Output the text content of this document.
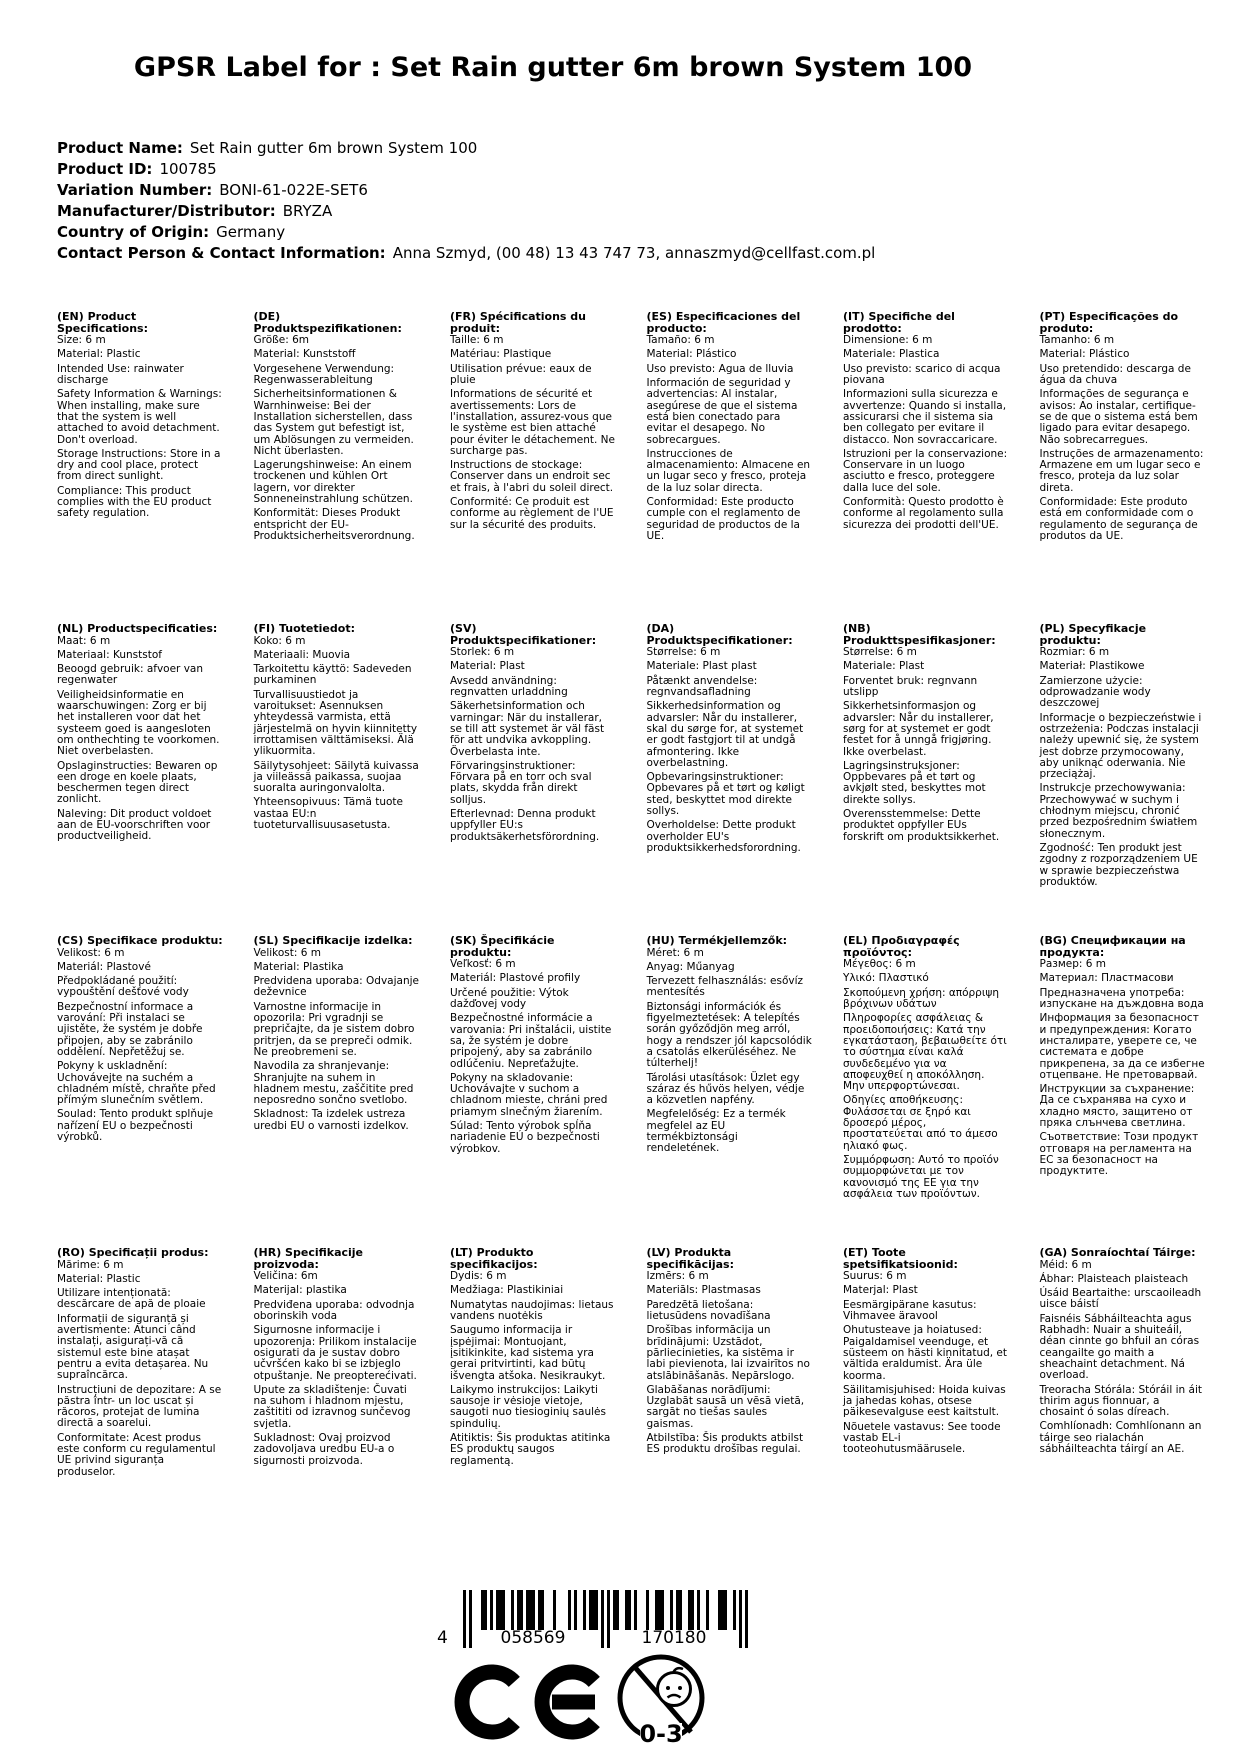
GPSR Label for : Set Rain gutter 6m brown System 100
Product Name: Set Rain gutter 6m brown System 100
Product ID: 100785
Variation Number: BONI-61-022E-SET6
Manufacturer/Distributor: BRYZA
Country of Origin: Germany
Contact Person & Contact Information: Anna Szmyd, (00 48) 13 43 747 73, annaszmyd@cellfast.com.pl
(EN) Product Specifications:

Size: 6 m

Material: Plastic

Intended Use: rainwater discharge

Safety Information & Warnings: When installing, make sure that the system is well attached to avoid detachment. Don't overload.

Storage Instructions: Store in a dry and cool place, protect from direct sunlight.

Compliance: This product complies with the EU product safety regulation.

(DE) Produktspezifikationen:

Größe: 6m

Material: Kunststoff

Vorgesehene Verwendung: Regenwasserableitung

Sicherheitsinformationen & Warnhinweise: Bei der Installation sicherstellen, dass das System gut befestigt ist, um Ablösungen zu vermeiden. Nicht überlasten.

Lagerungshinweise: An einem trockenen und kühlen Ort lagern, vor direkter Sonneneinstrahlung schützen.

Konformität: Dieses Produkt entspricht der EU-Produktsicherheitsverordnung.

(FR) Spécifications du produit:

Taille: 6 m

Matériau: Plastique

Utilisation prévue: eaux de pluie

Informations de sécurité et avertissements: Lors de l'installation, assurez-vous que le système est bien attaché pour éviter le détachement. Ne surcharge pas.

Instructions de stockage: Conserver dans un endroit sec et frais, à l'abri du soleil direct.

Conformité: Ce produit est conforme au règlement de l'UE sur la sécurité des produits.

(ES) Especificaciones del producto:

Tamaño: 6 m

Material: Plástico

Uso previsto: Agua de lluvia

Información de seguridad y advertencias: Al instalar, asegúrese de que el sistema está bien conectado para evitar el desapego. No sobrecargues.

Instrucciones de almacenamiento: Almacene en un lugar seco y fresco, proteja de la luz solar directa.

Conformidad: Este producto cumple con el reglamento de seguridad de productos de la UE.

(IT) Specifiche del prodotto:

Dimensione: 6 m

Materiale: Plastica

Uso previsto: scarico di acqua piovana

Informazioni sulla sicurezza e avvertenze: Quando si installa, assicurarsi che il sistema sia ben collegato per evitare il distacco. Non sovraccaricare.

Istruzioni per la conservazione: Conservare in un luogo asciutto e fresco, proteggere dalla luce del sole.

Conformità: Questo prodotto è conforme al regolamento sulla sicurezza dei prodotti dell'UE.

(PT) Especificações do produto:

Tamanho: 6 m

Material: Plástico

Uso pretendido: descarga de água da chuva

Informações de segurança e avisos: Ao instalar, certifique-se de que o sistema está bem ligado para evitar desapego. Não sobrecarregues.

Instruções de armazenamento: Armazene em um lugar seco e fresco, proteja da luz solar direta.

Conformidade: Este produto está em conformidade com o regulamento de segurança de produtos da UE.

(NL) Productspecificaties:

Maat: 6 m

Materiaal: Kunststof

Beoogd gebruik: afvoer van regenwater

Veiligheidsinformatie en waarschuwingen: Zorg er bij het installeren voor dat het systeem goed is aangesloten om onthechting te voorkomen. Niet overbelasten.

Opslaginstructies: Bewaren op een droge en koele plaats, beschermen tegen direct zonlicht.

Naleving: Dit product voldoet aan de EU-voorschriften voor productveiligheid.

(FI) Tuotetiedot:

Koko: 6 m

Materiaali: Muovia

Tarkoitettu käyttö: Sadeveden purkaminen

Turvallisuustiedot ja varoitukset: Asennuksen yhteydessä varmista, että järjestelmä on hyvin kiinnitetty irrottamisen välttämiseksi. Älä ylikuormita.

Säilytysohjeet: Säilytä kuivassa ja viileässä paikassa, suojaa suoralta auringonvalolta.

Yhteensopivuus: Tämä tuote vastaa EU:n tuoteturvallisuusasetusta.

(SV) Produktspecifikationer:

Storlek: 6 m

Material: Plast

Avsedd användning: regnvatten urladdning

Säkerhetsinformation och varningar: När du installerar, se till att systemet är väl fäst för att undvika avkoppling. Överbelasta inte.

Förvaringsinstruktioner: Förvara på en torr och sval plats, skydda från direkt solljus.

Efterlevnad: Denna produkt uppfyller EU:s produktsäkerhetsförordning.

(DA) Produktspecifikationer:

Størrelse: 6 m

Materiale: Plast plast

Påtænkt anvendelse: regnvandsafladning

Sikkerhedsinformation og advarsler: Når du installerer, skal du sørge for, at systemet er godt fastgjort til at undgå afmontering. Ikke overbelastning.

Opbevaringsinstruktioner: Opbevares på et tørt og køligt sted, beskyttet mod direkte sollys.

Overholdelse: Dette produkt overholder EU's produktsikkerhedsforordning.

(NB) Produkttspesifikasjoner:

Størrelse: 6 m

Materiale: Plast

Forventet bruk: regnvann utslipp

Sikkerhetsinformasjon og advarsler: Når du installerer, sørg for at systemet er godt festet for å unngå frigjøring. Ikke overbelast.

Lagringsinstruksjoner: Oppbevares på et tørt og avkjølt sted, beskyttes mot direkte sollys.

Overensstemmelse: Dette produktet oppfyller EUs forskrift om produktsikkerhet.

(PL) Specyfikacje produktu:

Rozmiar: 6 m

Materiał: Plastikowe

Zamierzone użycie: odprowadzanie wody deszczowej

Informacje o bezpieczeństwie i ostrzeżenia: Podczas instalacji należy upewnić się, że system jest dobrze przymocowany, aby uniknąć oderwania. Nie przeciążaj.

Instrukcje przechowywania: Przechowywać w suchym i chłodnym miejscu, chronić przed bezpośrednim światłem słonecznym.

Zgodność: Ten produkt jest zgodny z rozporządzeniem UE w sprawie bezpieczeństwa produktów.

(CS) Specifikace produktu:

Velikost: 6 m

Materiál: Plastové

Předpokládané použití: vypouštění dešťové vody

Bezpečnostní informace a varování: Při instalaci se ujistěte, že systém je dobře připojen, aby se zabránilo oddělení. Nepřetěžuj se.

Pokyny k uskladnění: Uchovávejte na suchém a chladném místě, chraňte před přímým slunečním světlem.

Soulad: Tento produkt splňuje nařízení EU o bezpečnosti výrobků.

(SL) Specifikacije izdelka:

Velikost: 6 m

Material: Plastika

Predvidena uporaba: Odvajanje deževnice

Varnostne informacije in opozorila: Pri vgradnji se prepričajte, da je sistem dobro pritrjen, da se prepreči odmik. Ne preobremeni se.

Navodila za shranjevanje: Shranjujte na suhem in hladnem mestu, zaščitite pred neposredno sončno svetlobo.

Skladnost: Ta izdelek ustreza uredbi EU o varnosti izdelkov.

(SK) Špecifikácie produktu:

Veľkosť: 6 m

Materiál: Plastové profily

Určené použitie: Výtok dažďovej vody

Bezpečnostné informácie a varovania: Pri inštalácii, uistite sa, že systém je dobre pripojený, aby sa zabránilo odlúčeniu. Nepreťažujte.

Pokyny na skladovanie: Uchovávajte v suchom a chladnom mieste, chráni pred priamym slnečným žiarením.

Súlad: Tento výrobok spĺňa nariadenie EÚ o bezpečnosti výrobkov.

(HU) Termékjellemzők:

Méret: 6 m

Anyag: Műanyag

Tervezett felhasználás: esővíz mentesítés

Biztonsági információk és figyelmeztetések: A telepítés során győződjön meg arról, hogy a rendszer jól kapcsolódik a csatolás elkerüléséhez. Ne túlterhelj!

Tárolási utasítások: Üzlet egy száraz és hűvös helyen, védje a közvetlen napfény.

Megfelelőség: Ez a termék megfelel az EU termékbiztonsági rendeletének.

(EL) Προδιαγραφές προϊόντος:

Μέγεθος: 6 m

Υλικό: Πλαστικό

Σκοπούμενη χρήση: απόρριψη βρόχινων υδάτων

Πληροφορίες ασφάλειας & προειδοποιήσεις: Κατά την εγκατάσταση, βεβαιωθείτε ότι το σύστημα είναι καλά συνδεδεμένο για να αποφευχθεί η αποκόλληση. Μην υπερφορτώνεσαι.

Οδηγίες αποθήκευσης: Φυλάσσεται σε ξηρό και δροσερό μέρος, προστατεύεται από το άμεσο ηλιακό φως.

Συμμόρφωση: Αυτό το προϊόν συμμορφώνεται με τον κανονισμό της ΕΕ για την ασφάλεια των προϊόντων.

(BG) Спецификации на продукта:

Размер: 6 m

Материал: Пластмасови

Предназначена употреба: изпускане на дъждовна вода

Информация за безопасност и предупреждения: Когато инсталирате, уверете се, че системата е добре прикрепена, за да се избегне отцепване. Не претоварвай.

Инструкции за съхранение: Да се съхранява на сухо и хладно място, защитено от пряка слънчева светлина.

Съответствие: Този продукт отговаря на регламента на ЕС за безопасност на продуктите.

(RO) Specificații produs:

Mărime: 6 m

Material: Plastic

Utilizare intenționată: descărcare de apă de ploaie

Informații de siguranță și avertismente: Atunci când instalați, asigurați-vă că sistemul este bine atașat pentru a evita detașarea. Nu supraîncărca.

Instrucțiuni de depozitare: A se păstra într- un loc uscat și răcoros, protejat de lumina directă a soarelui.

Conformitate: Acest produs este conform cu regulamentul UE privind siguranța produselor.

(HR) Specifikacije proizvoda:

Veličina: 6m

Materijal: plastika

Predviđena uporaba: odvodnja oborinskih voda

Sigurnosne informacije i upozorenja: Prilikom instalacije osigurati da je sustav dobro učvršćen kako bi se izbjeglo otpuštanje. Ne preopterećivati.

Upute za skladištenje: Čuvati na suhom i hladnom mjestu, zaštititi od izravnog sunčevog svjetla.

Sukladnost: Ovaj proizvod zadovoljava uredbu EU-a o sigurnosti proizvoda.

(LT) Produkto specifikacijos:

Dydis: 6 m

Medžiaga: Plastikiniai

Numatytas naudojimas: lietaus vandens nuotėkis

Saugumo informacija ir įspėjimai: Montuojant, įsitikinkite, kad sistema yra gerai pritvirtinti, kad būtų išvengta atšoka. Nesikraukyt.

Laikymo instrukcijos: Laikyti sausoje ir vėsioje vietoje, saugoti nuo tiesioginių saulės spindulių.

Atitiktis: Šis produktas atitinka ES produktų saugos reglamentą.

(LV) Produkta specifikācijas:

Izmērs: 6 m

Materiāls: Plastmasas

Paredzētā lietošana: lietusūdens novadīšana

Drošības informācija un brīdinājumi: Uzstādot, pārliecinieties, ka sistēma ir labi pievienota, lai izvairītos no atslābināšanās. Nepārslogo.

Glabāšanas norādījumi: Uzglabāt sausā un vēsā vietā, sargāt no tiešas saules gaismas.

Atbilstība: Šis produkts atbilst ES produktu drošības regulai.

(ET) Toote spetsifikatsioonid:

Suurus: 6 m

Materjal: Plast

Eesmärgipärane kasutus: Vihmavee äravool

Ohutusteave ja hoiatused: Paigaldamisel veenduge, et süsteem on hästi kinnitatud, et vältida eraldumist. Ära üle koorma.

Säilitamisjuhised: Hoida kuivas ja jahedas kohas, otsese päikesevalguse eest kaitstult.

Nõuetele vastavus: See toode vastab EL-i tooteohutusmäärusele.

(GA) Sonraíochtaí Táirge:

Méid: 6 m

Ábhar: Plaisteach plaisteach

Úsáid Beartaithe: urscaoileadh uisce báistí

Faisnéis Sábháilteachta agus Rabhadh: Nuair a shuiteáil, déan cinnte go bhfuil an córas ceangailte go maith a sheachaint detachment. Ná overload.

Treoracha Stórála: Stóráil in áit thirim agus fionnuar, a chosaint ó solas díreach.

Comhlíonadh: Comhlíonann an táirge seo rialachán sábháilteachta táirgí an AE.

4	058569	170180
0-3
